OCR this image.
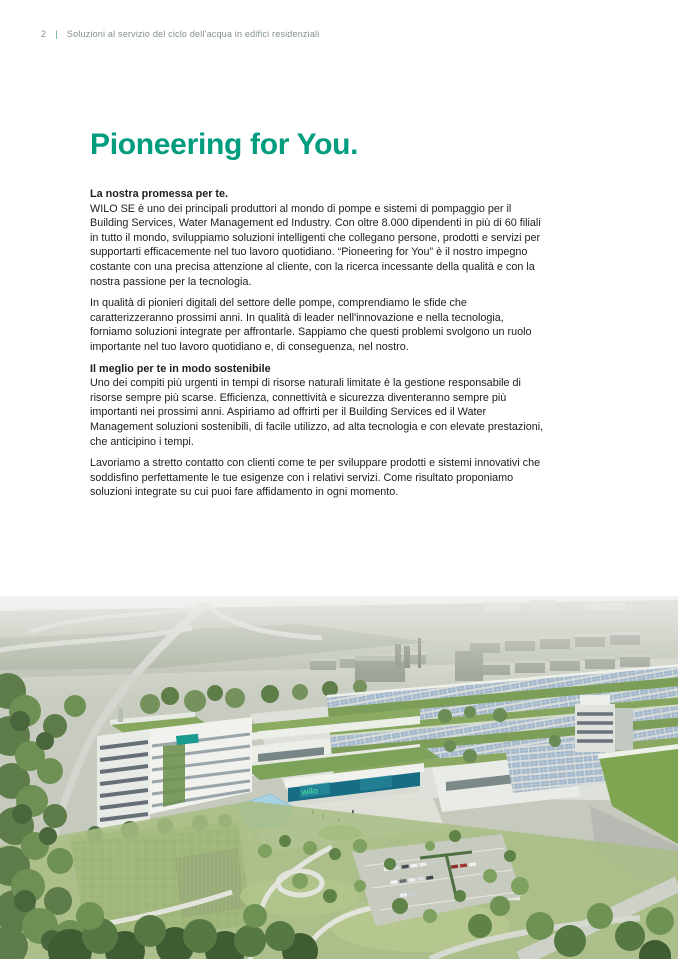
2 | Soluzioni al servizio del ciclo dell'acqua in edifici residenziali
Pioneering for You.
La nostra promessa per te.

WILO SE è uno dei principali produttori al mondo di pompe e sistemi di pompaggio per il Building Services, Water Management ed Industry. Con oltre 8.000 dipendenti in più di 60 filiali in tutto il mondo, sviluppiamo soluzioni intelligenti che collegano persone, prodotti e servizi per supportarti efficacemente nel tuo lavoro quotidiano. “Pioneering for You” è il nostro impegno costante con una precisa attenzione al cliente, con la ricerca incessante della qualità e con la nostra passione per la tecnologia.

In qualità di pionieri digitali del settore delle pompe, comprendiamo le sfide che caratterizzeranno prossimi anni. In qualità di leader nell'innovazione e nella tecnologia, forniamo soluzioni integrate per affrontarle. Sappiamo che questi problemi svolgono un ruolo importante nel tuo lavoro quotidiano e, di conseguenza, nel nostro.

Il meglio per te in modo sostenibile

Uno dei compiti più urgenti in tempi di risorse naturali limitate è la gestione responsabile di risorse sempre più scarse. Efficienza, connettività e sicurezza diventeranno sempre più importanti nei prossimi anni. Aspiriamo ad offrirti per il Building Services ed il Water Management soluzioni sostenibili, di facile utilizzo, ad alta tecnologia e con elevate prestazioni, che anticipino i tempi.

Lavoriamo a stretto contatto con clienti come te per sviluppare prodotti e sistemi innovativi che soddisfino perfettamente le tue esigenze con i relativi servizi. Come risultato proponiamo soluzioni integrate su cui puoi fare affidamento in ogni momento.

wilo
